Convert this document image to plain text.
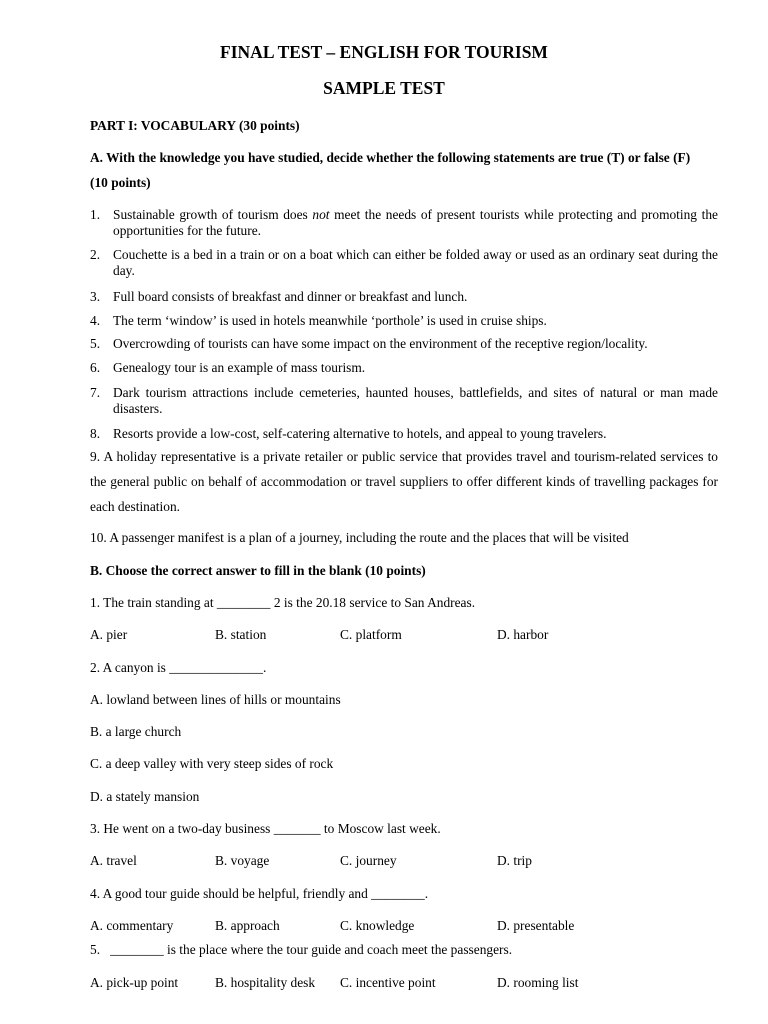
FINAL TEST – ENGLISH FOR TOURISM
SAMPLE TEST
PART I: VOCABULARY (30 points)
A. With the knowledge you have studied, decide whether the following statements are true (T) or false (F)
(10 points)
1. Sustainable growth of tourism does not meet the needs of present tourists while protecting and promoting the opportunities for the future.
2. Couchette is a bed in a train or on a boat which can either be folded away or used as an ordinary seat during the day.
3. Full board consists of breakfast and dinner or breakfast and lunch.
4. The term ‘window’ is used in hotels meanwhile ‘porthole’ is used in cruise ships.
5. Overcrowding of tourists can have some impact on the environment of the receptive region/locality.
6. Genealogy tour is an example of mass tourism.
7. Dark tourism attractions include cemeteries, haunted houses, battlefields, and sites of natural or man made disasters.
8. Resorts provide a low-cost, self-catering alternative to hotels, and appeal to young travelers.
9. A holiday representative is a private retailer or public service that provides travel and tourism-related services to the general public on behalf of accommodation or travel suppliers to offer different kinds of travelling packages for each destination.
10. A passenger manifest is a plan of a journey, including the route and the places that will be visited
B. Choose the correct answer to fill in the blank (10 points)
1. The train standing at ________ 2 is the 20.18 service to San Andreas.
A. pier	B. station	C. platform	D. harbor
2. A canyon is ______________.
A. lowland between lines of hills or mountains
B. a large church
C. a deep valley with very steep sides of rock
D. a stately mansion
3. He went on a two-day business _______ to Moscow last week.
A. travel	B. voyage	C. journey	D. trip
4. A good tour guide should be helpful, friendly and ________.
A. commentary	B. approach	C. knowledge	D. presentable
5.   ________ is the place where the tour guide and coach meet the passengers.
A. pick-up point	B. hospitality desk C. incentive point	D. rooming list
